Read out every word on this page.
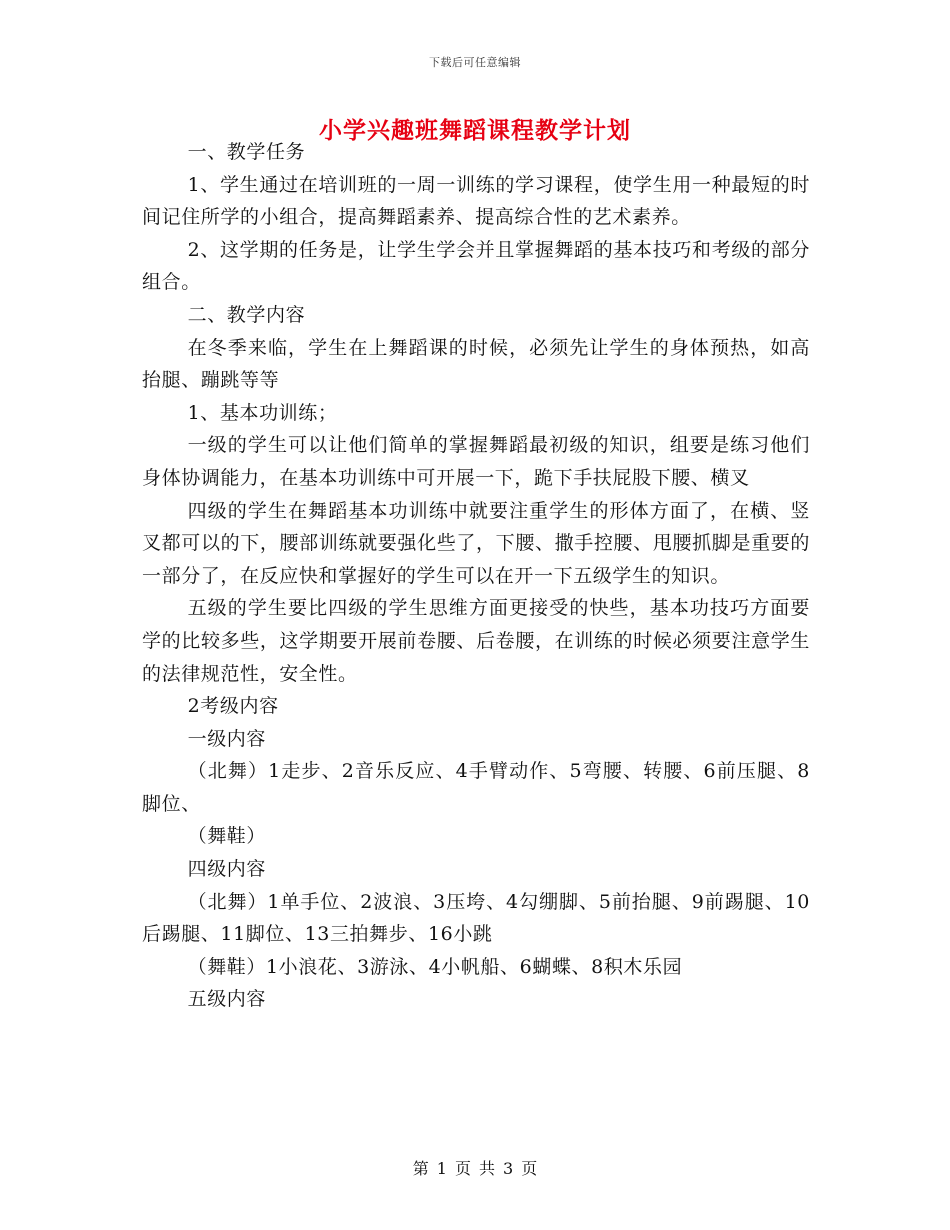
下载后可任意编辑
小学兴趣班舞蹈课程教学计划

一、教学任务

1、学生通过在培训班的一周一训练的学习课程，使学生用一种最短的时间记住所学的小组合，提高舞蹈素养、提高综合性的艺术素养。

2、这学期的任务是，让学生学会并且掌握舞蹈的基本技巧和考级的部分组合。

二、教学内容

在冬季来临，学生在上舞蹈课的时候，必须先让学生的身体预热，如高抬腿、蹦跳等等

1、基本功训练；

一级的学生可以让他们简单的掌握舞蹈最初级的知识，组要是练习他们身体协调能力，在基本功训练中可开展一下，跪下手扶屁股下腰、横叉

四级的学生在舞蹈基本功训练中就要注重学生的形体方面了，在横、竖叉都可以的下，腰部训练就要强化些了，下腰、撒手控腰、甩腰抓脚是重要的一部分了，在反应快和掌握好的学生可以在开一下五级学生的知识。

五级的学生要比四级的学生思维方面更接受的快些，基本功技巧方面要学的比较多些，这学期要开展前卷腰、后卷腰，在训练的时候必须要注意学生的法律规范性，安全性。

2考级内容

一级内容

（北舞）1走步、2音乐反应、4手臂动作、5弯腰、转腰、6前压腿、8脚位、

（舞鞋）

四级内容

（北舞）1单手位、2波浪、3压垮、4勾绷脚、5前抬腿、9前踢腿、10后踢腿、11脚位、13三拍舞步、16小跳

（舞鞋）1小浪花、3游泳、4小帆船、6蝴蝶、8积木乐园

五级内容

第 1 页 共 3 页
